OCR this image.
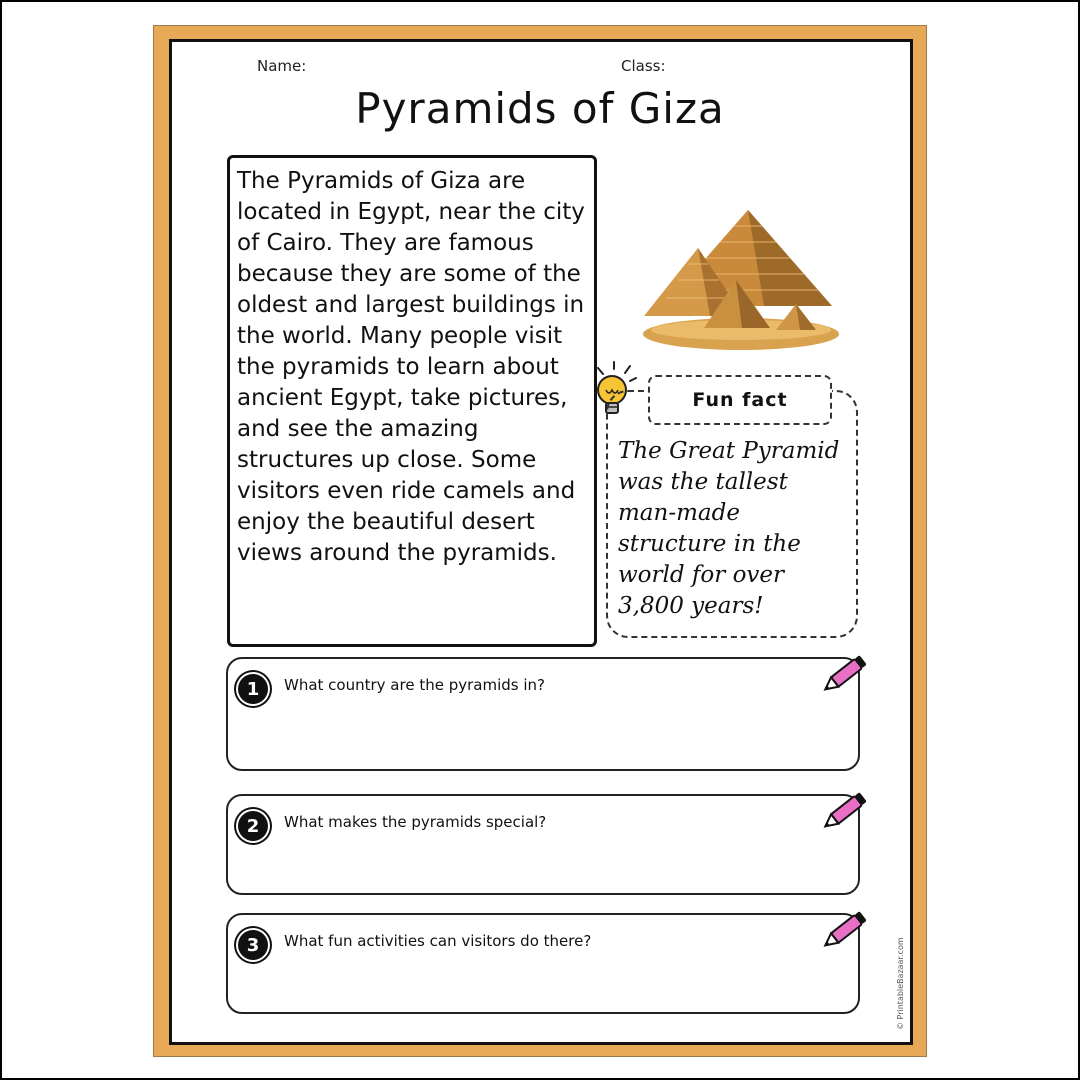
Name:	Class:
Pyramids of Giza

The Pyramids of Giza are located in Egypt, near the city of Cairo. They are famous because they are some of the oldest and largest buildings in the world. Many people visit the pyramids to learn about ancient Egypt, take pictures, and see the amazing structures up close. Some visitors even ride camels and enjoy the beautiful desert views around the pyramids.

Fun fact

The Great Pyramid was the tallest man-made structure in the world for over 3,800 years!

1	What country are the pyramids in?
2	What makes the pyramids special?
3	What fun activities can visitors do there?	© PrintableBazaar.com
